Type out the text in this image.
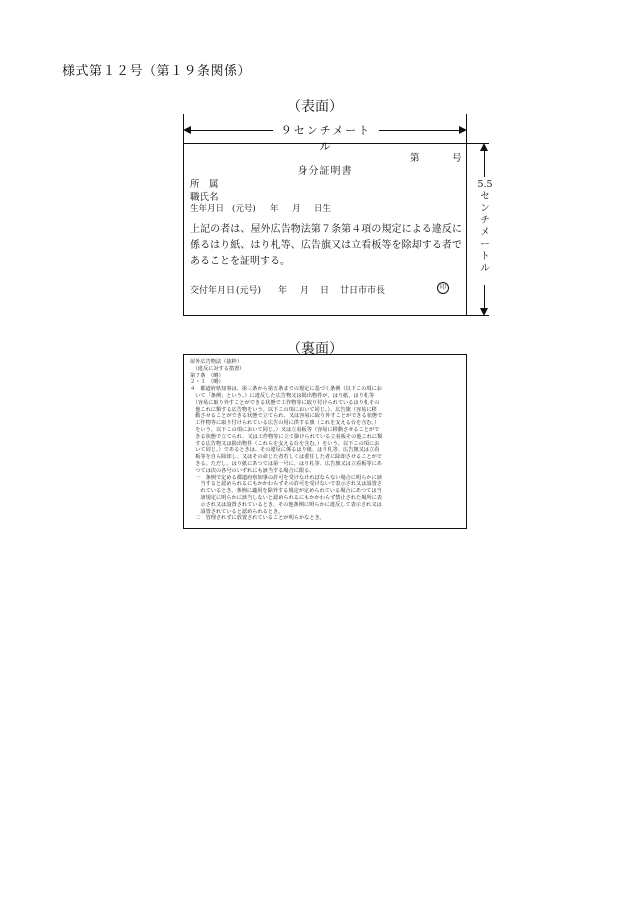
様式第１２号（第１９条関係）
（表面）
９センチメートル
第	号
身分証明書
所　属
職氏名
生年月日 (元号) 年 月 日生
上記の者は、屋外広告物法第７条第４項の規定による違反に係るはり紙、はり札等、広告旗又は立看板等を除却する者であることを証明する。
交付年月日 (元号) 年 月 日 廿日市市長	印
5.5
セ
ン
チ
メ
ー
ト
ル
（裏面）
屋外広告物法（抜粋）
　（違反に対する措置）
第７条　（略）
２・３　（略）
４　都道府県知事は、第三条から第五条までの規定に基づく条例（以下この項にお
　いて「条例」という。）に違反した広告物又は掲出物件が、はり紙、はり札等
　（容易に取り外すことができる状態で工作物等に取り付けられているはり札その
　他これに類する広告物をいう。以下この項において同じ。）、広告旗（容易に移
　動させることができる状態で立てられ、又は容易に取り外すことができる状態で
　工作物等に取り付けられている広告の用に供する旗（これを支える台を含む。）
　をいう。以下この項において同じ。）又は立看板等（容易に移動させることがで
　きる状態で立てられ、又は工作物等に立て掛けられている立看板その他これに類
　する広告物又は掲出物件（これらを支える台を含む。）をいう。以下この項にお
　いて同じ。）であるときは、その違反に係るはり紙、はり札等、広告旗又は立看
　板等を自ら除却し、又はその命じた者若しくは委任した者に除却させることがで
　きる。ただし、はり紙にあつては第一号に、はり札等、広告旗又は立看板等にあ
　つては次の各号のいずれにも該当する場合に限る。
　一　条例で定める都道府県知事の許可を受けなければならない場合に明らかに該
　　当すると認められるにもかかわらずその許可を受けないで表示され又は設置さ
　　れているとき、条例に適用を除外する規定が定められている場合にあつては当
　　該規定に明らかに該当しないと認められるにもかかわらず禁止された場所に表
　　示され又は設置されているとき、その他条例に明らかに違反して表示され又は
　　設置されていると認められるとき。
　二　管理されずに放置されていることが明らかなとき。
